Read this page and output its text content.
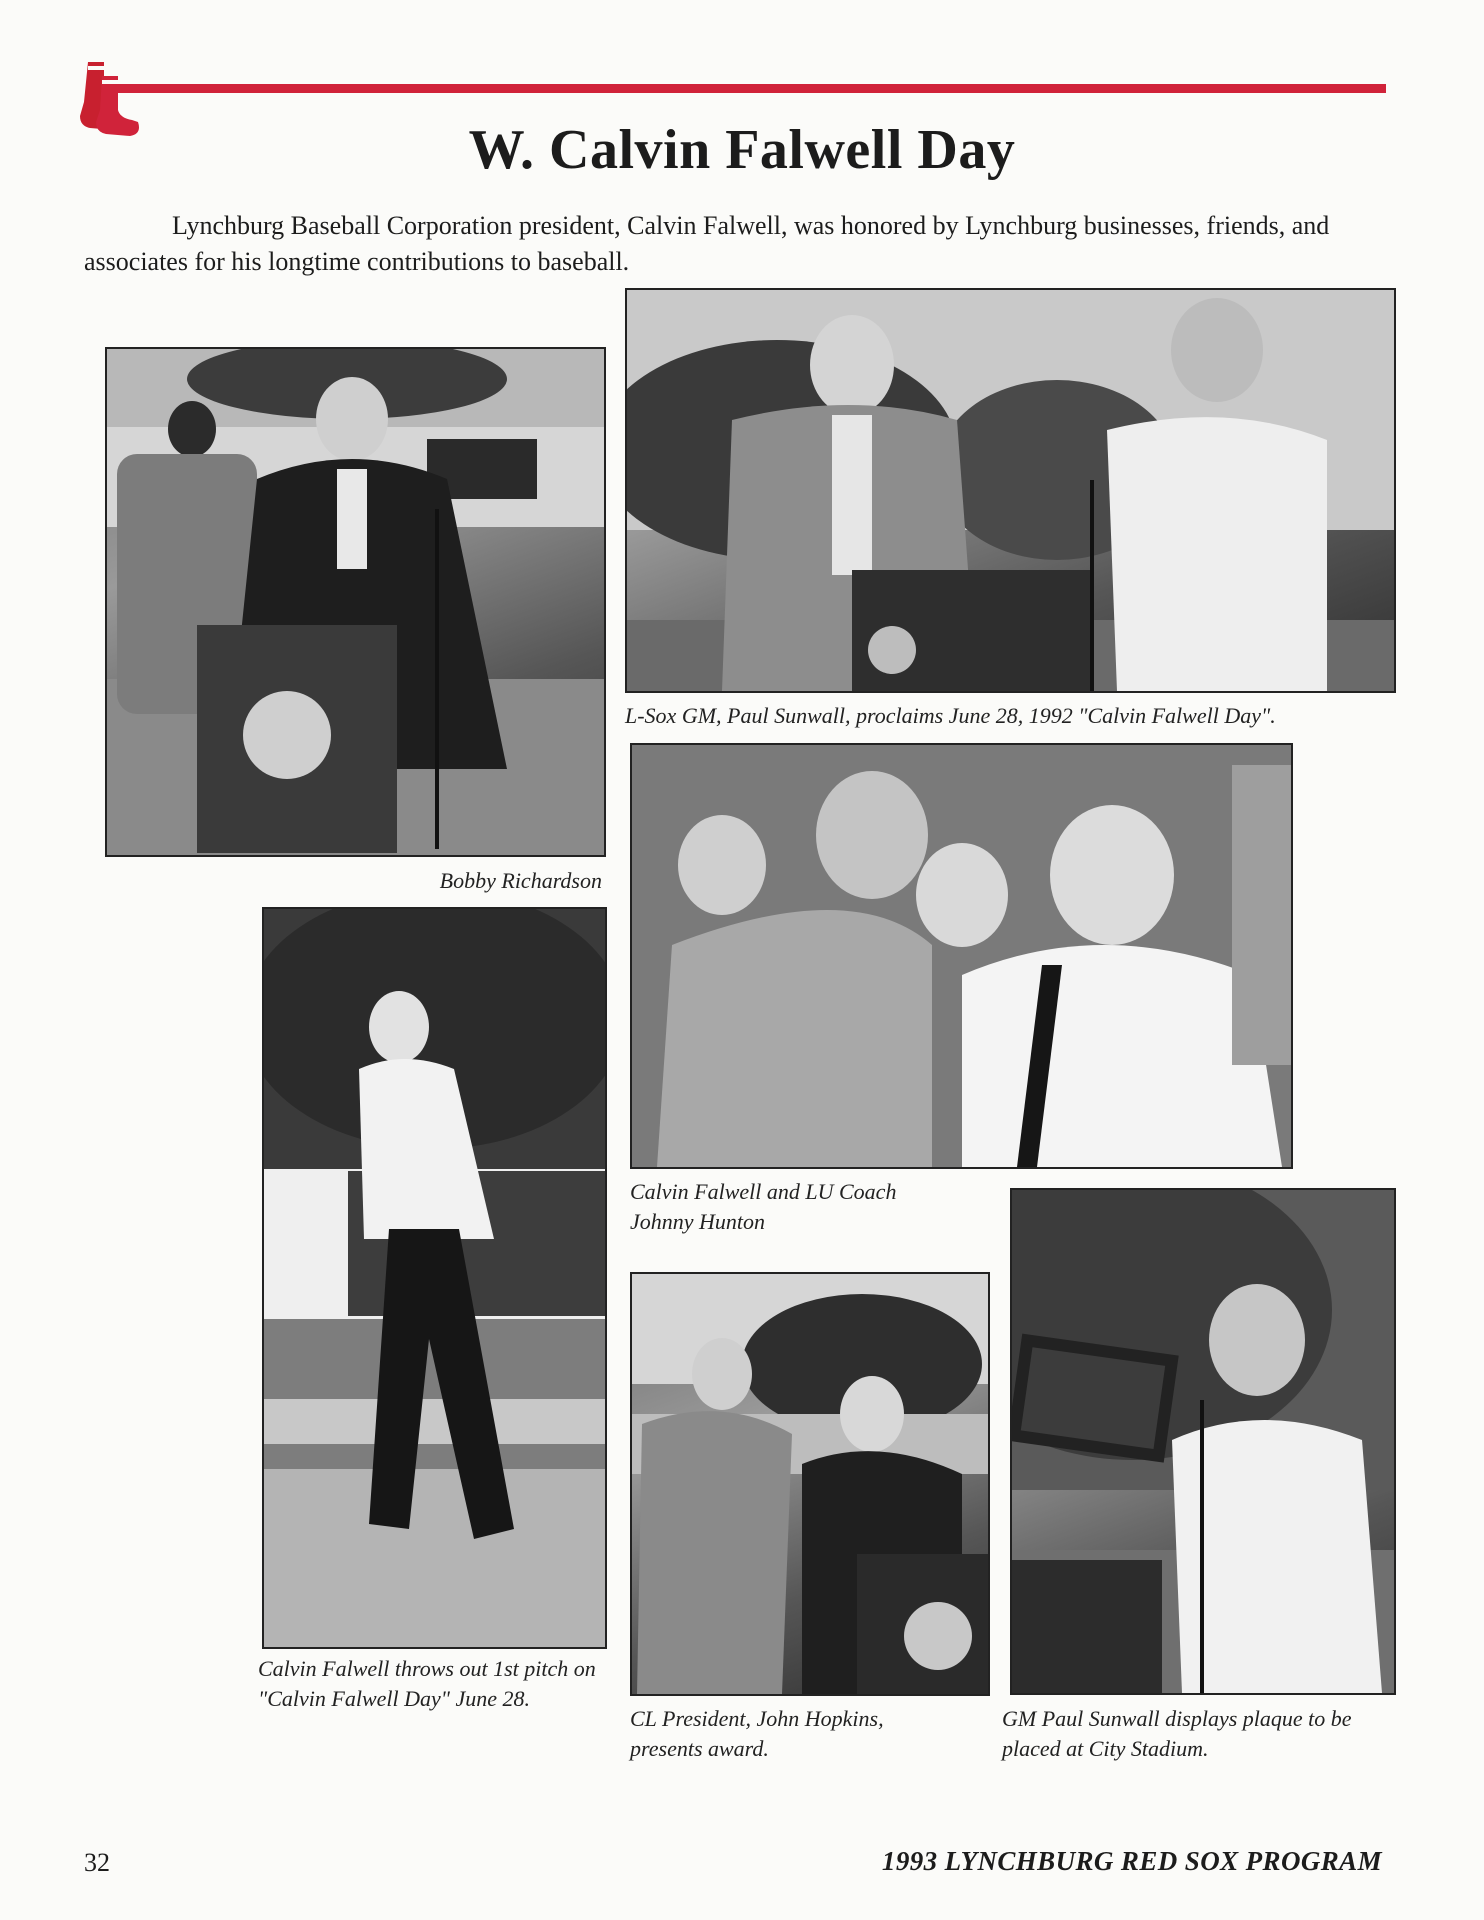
W. Calvin Falwell Day
Lynchburg Baseball Corporation president, Calvin Falwell, was honored by Lynchburg businesses, friends, and associates for his longtime contributions to baseball.
Bobby Richardson
L-Sox GM, Paul Sunwall, proclaims June 28, 1992 "Calvin Falwell Day".
Calvin Falwell throws out 1st pitch on "Calvin Falwell Day" June 28.
Calvin Falwell and LU Coach Johnny Hunton
CL President, John Hopkins, presents award.
GM Paul Sunwall displays plaque to be placed at City Stadium.
32	1993 LYNCHBURG RED SOX PROGRAM
